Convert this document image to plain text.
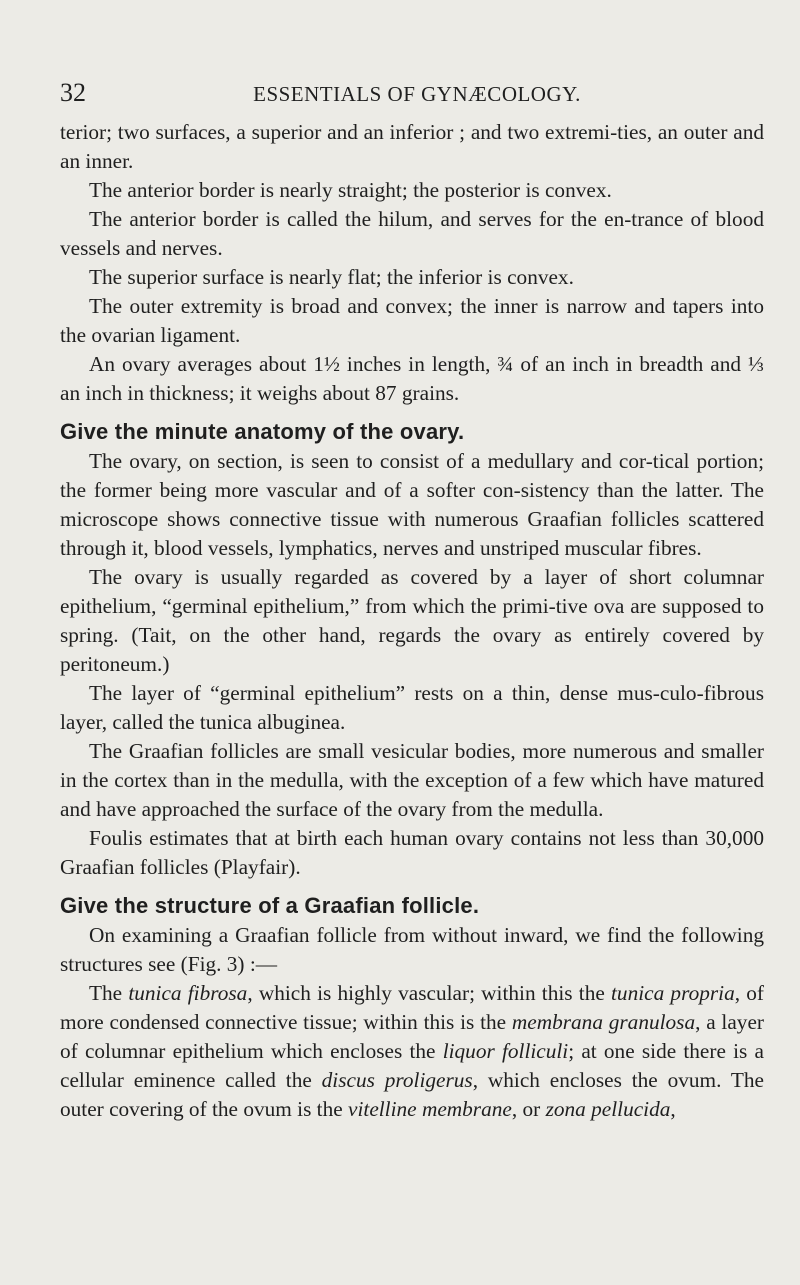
32	ESSENTIALS OF GYNÆCOLOGY.

terior; two surfaces, a superior and an inferior ; and two extremi-ties, an outer and an inner.

The anterior border is nearly straight; the posterior is convex.

The anterior border is called the hilum, and serves for the en-trance of blood vessels and nerves.

The superior surface is nearly flat; the inferior is convex.

The outer extremity is broad and convex; the inner is narrow and tapers into the ovarian ligament.

An ovary averages about 1½ inches in length, ¾ of an inch in breadth and ⅓ an inch in thickness; it weighs about 87 grains.

Give the minute anatomy of the ovary.

The ovary, on section, is seen to consist of a medullary and cor-tical portion; the former being more vascular and of a softer con-sistency than the latter. The microscope shows connective tissue with numerous Graafian follicles scattered through it, blood vessels, lymphatics, nerves and unstriped muscular fibres.

The ovary is usually regarded as covered by a layer of short columnar epithelium, “germinal epithelium,” from which the primi-tive ova are supposed to spring. (Tait, on the other hand, regards the ovary as entirely covered by peritoneum.)

The layer of “germinal epithelium” rests on a thin, dense mus-culo-fibrous layer, called the tunica albuginea.

The Graafian follicles are small vesicular bodies, more numerous and smaller in the cortex than in the medulla, with the exception of a few which have matured and have approached the surface of the ovary from the medulla.

Foulis estimates that at birth each human ovary contains not less than 30,000 Graafian follicles (Playfair).

Give the structure of a Graafian follicle.

On examining a Graafian follicle from without inward, we find the following structures see (Fig. 3) :—

The tunica fibrosa, which is highly vascular; within this the tunica propria, of more condensed connective tissue; within this is the membrana granulosa, a layer of columnar epithelium which encloses the liquor folliculi; at one side there is a cellular eminence called the discus proligerus, which encloses the ovum. The outer covering of the ovum is the vitelline membrane, or zona pellucida,
